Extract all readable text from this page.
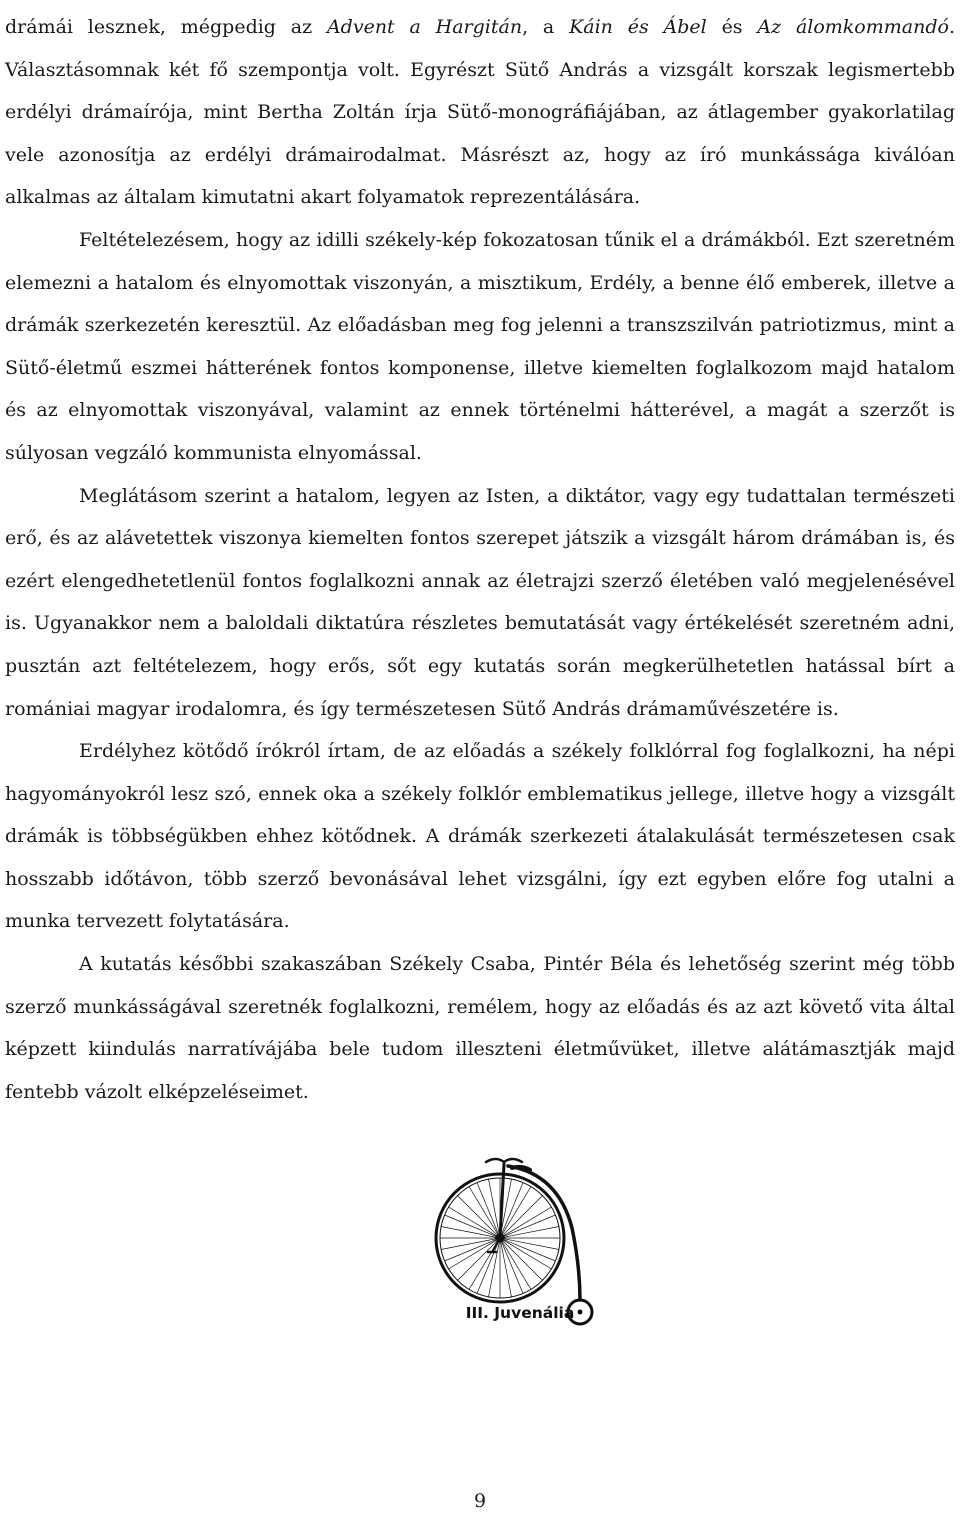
drámái lesznek, mégpedig az Advent a Hargitán, a Káin és Ábel és Az álomkommandó. Választásomnak két fő szempontja volt. Egyrészt Sütő András a vizsgált korszak legismertebb erdélyi drámaírója, mint Bertha Zoltán írja Sütő-monográfiájában, az átlagember gyakorlatilag vele azonosítja az erdélyi drámairodalmat. Másrészt az, hogy az író munkássága kiválóan alkalmas az általam kimutatni akart folyamatok reprezentálására.

Feltételezésem, hogy az idilli székely-kép fokozatosan tűnik el a drámákból. Ezt szeretném elemezni a hatalom és elnyomottak viszonyán, a misztikum, Erdély, a benne élő emberek, illetve a drámák szerkezetén keresztül. Az előadásban meg fog jelenni a transzszilván patriotizmus, mint a Sütő-életmű eszmei hátterének fontos komponense, illetve kiemelten foglalkozom majd hatalom és az elnyomottak viszonyával, valamint az ennek történelmi hátterével, a magát a szerzőt is súlyosan vegzáló kommunista elnyomással.

Meglátásom szerint a hatalom, legyen az Isten, a diktátor, vagy egy tudattalan természeti erő, és az alávetettek viszonya kiemelten fontos szerepet játszik a vizsgált három drámában is, és ezért elengedhetetlenül fontos foglalkozni annak az életrajzi szerző életében való megjelenésével is. Ugyanakkor nem a baloldali diktatúra részletes bemutatását vagy értékelését szeretném adni, pusztán azt feltételezem, hogy erős, sőt egy kutatás során megkerülhetetlen hatással bírt a romániai magyar irodalomra, és így természetesen Sütő András drámaművészetére is.

Erdélyhez kötődő írókról írtam, de az előadás a székely folklórral fog foglalkozni, ha népi hagyományokról lesz szó, ennek oka a székely folklór emblematikus jellege, illetve hogy a vizsgált drámák is többségükben ehhez kötődnek. A drámák szerkezeti átalakulását természetesen csak hosszabb időtávon, több szerző bevonásával lehet vizsgálni, így ezt egyben előre fog utalni a munka tervezett folytatására.

A kutatás későbbi szakaszában Székely Csaba, Pintér Béla és lehetőség szerint még több szerző munkásságával szeretnék foglalkozni, remélem, hogy az előadás és az azt követő vita által képzett kiindulás narratívájába bele tudom illeszteni életművüket, illetve alátámasztják majd fentebb vázolt elképzeléseimet.

III. Juvenália
9
